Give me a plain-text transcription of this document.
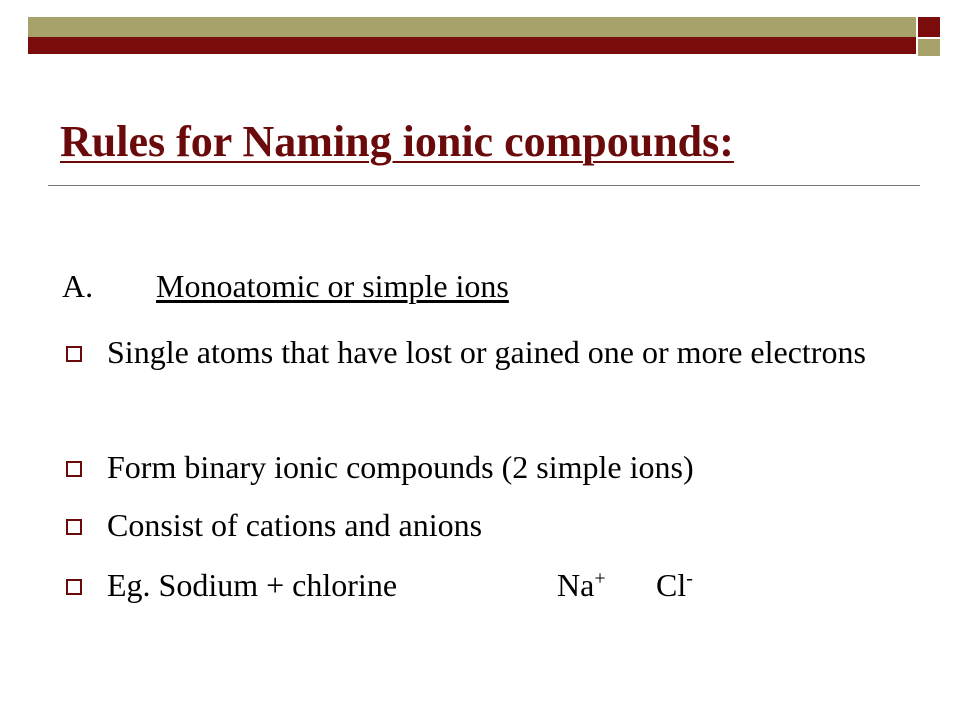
Rules for Naming ionic compounds:
A. Monoatomic or simple ions
Single atoms that have lost or gained one or more electrons
Form binary ionic compounds (2 simple ions)
Consist of cations and anions
Eg. Sodium + chlorine	Na+ Cl-
